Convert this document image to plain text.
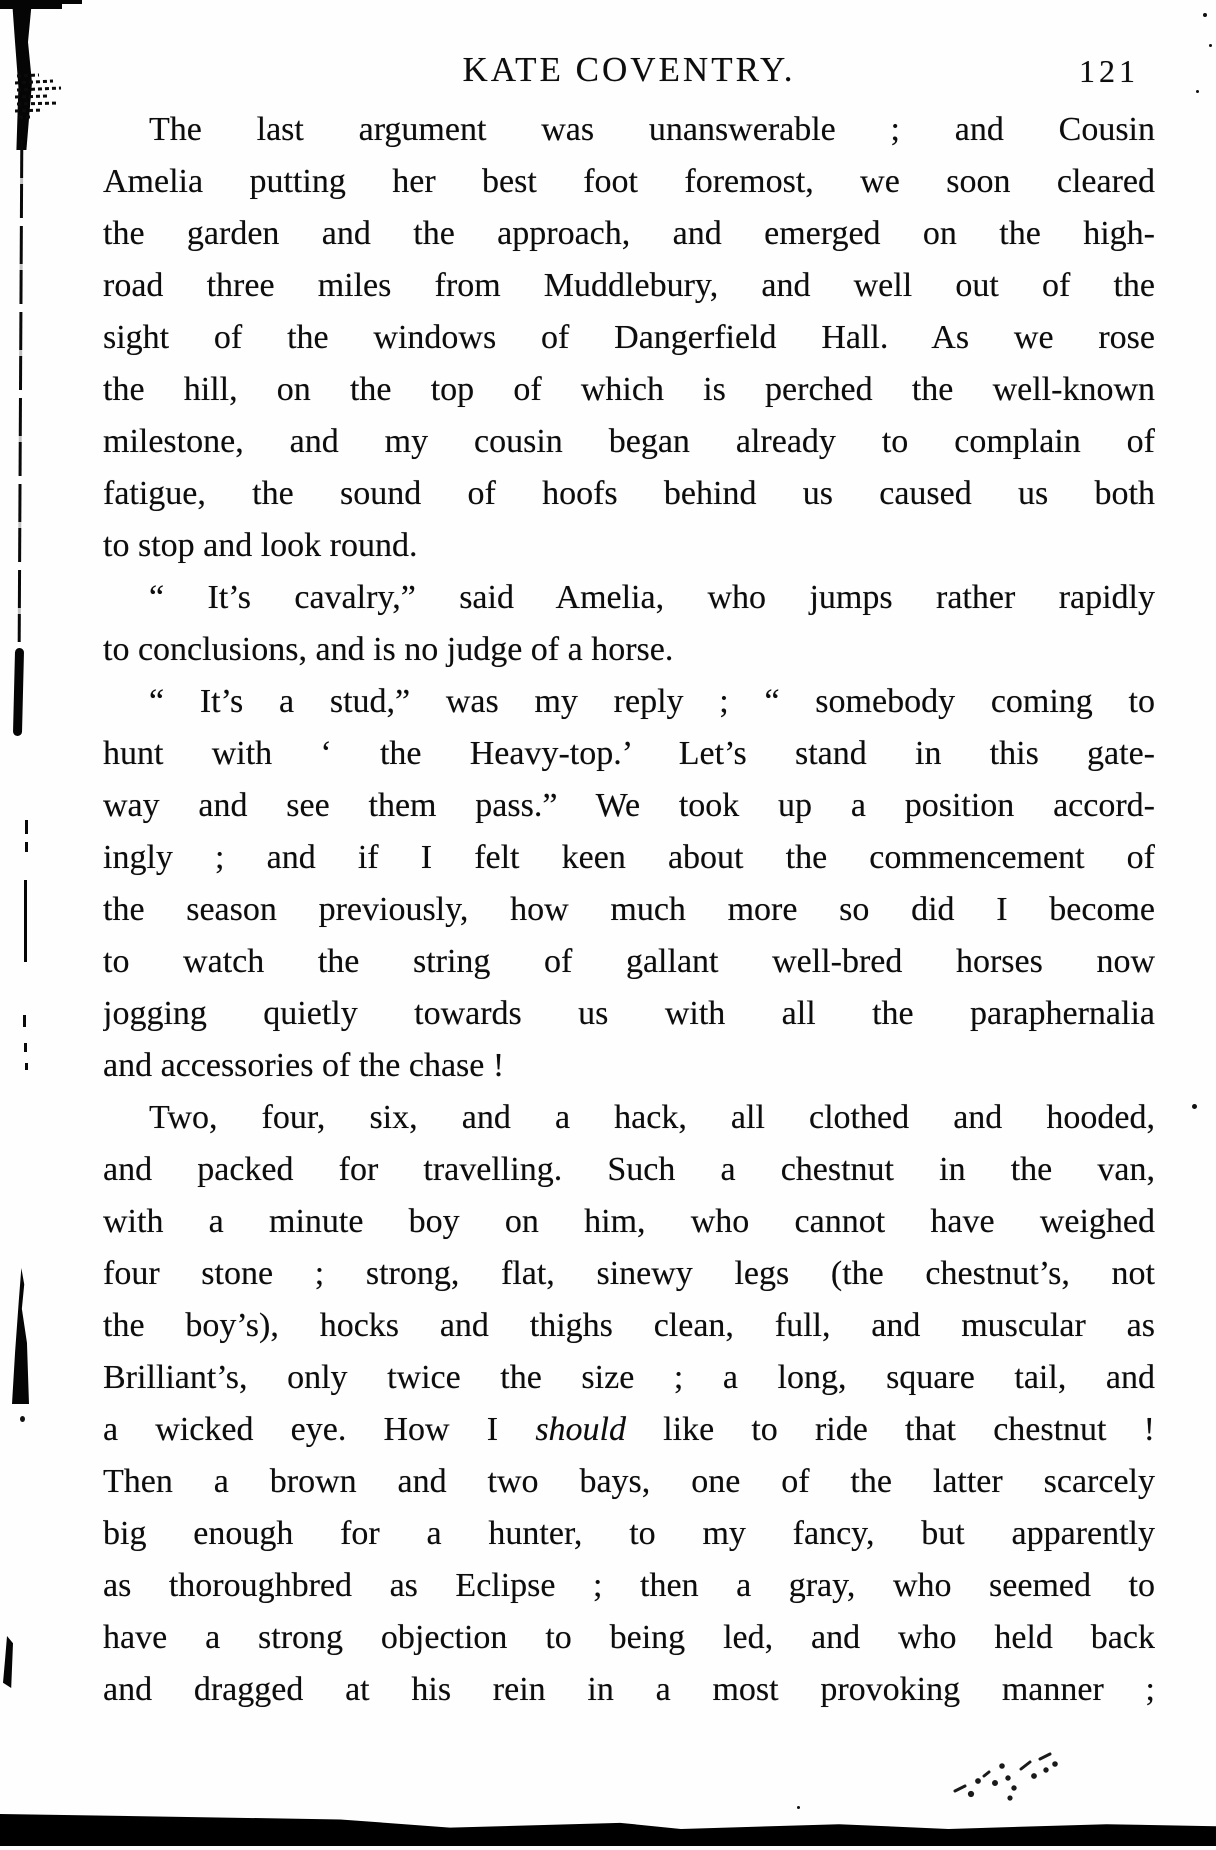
KATE COVENTRY.	121
The last argument was unanswerable ; and Cousin
Amelia putting her best foot foremost, we soon cleared
the garden and the approach, and emerged on the high-
road three miles from Muddlebury, and well out of the
sight of the windows of Dangerfield Hall. As we rose
the hill, on the top of which is perched the well-known
milestone, and my cousin began already to complain of
fatigue, the sound of hoofs behind us caused us both
to stop and look round.
“ It’s cavalry,” said Amelia, who jumps rather rapidly
to conclusions, and is no judge of a horse.
“ It’s a stud,” was my reply ; “ somebody coming to
hunt with ‘ the Heavy-top.’ Let’s stand in this gate-
way and see them pass.” We took up a position accord-
ingly ; and if I felt keen about the commencement of
the season previously, how much more so did I become
to watch the string of gallant well-bred horses now
jogging quietly towards us with all the paraphernalia
and accessories of the chase !
Two, four, six, and a hack, all clothed and hooded,
and packed for travelling. Such a chestnut in the van,
with a minute boy on him, who cannot have weighed
four stone ; strong, flat, sinewy legs (the chestnut’s, not
the boy’s), hocks and thighs clean, full, and muscular as
Brilliant’s, only twice the size ; a long, square tail, and
a wicked eye. How I should like to ride that chestnut !
Then a brown and two bays, one of the latter scarcely
big enough for a hunter, to my fancy, but apparently
as thoroughbred as Eclipse ; then a gray, who seemed to
have a strong objection to being led, and who held back
and dragged at his rein in a most provoking manner ;
